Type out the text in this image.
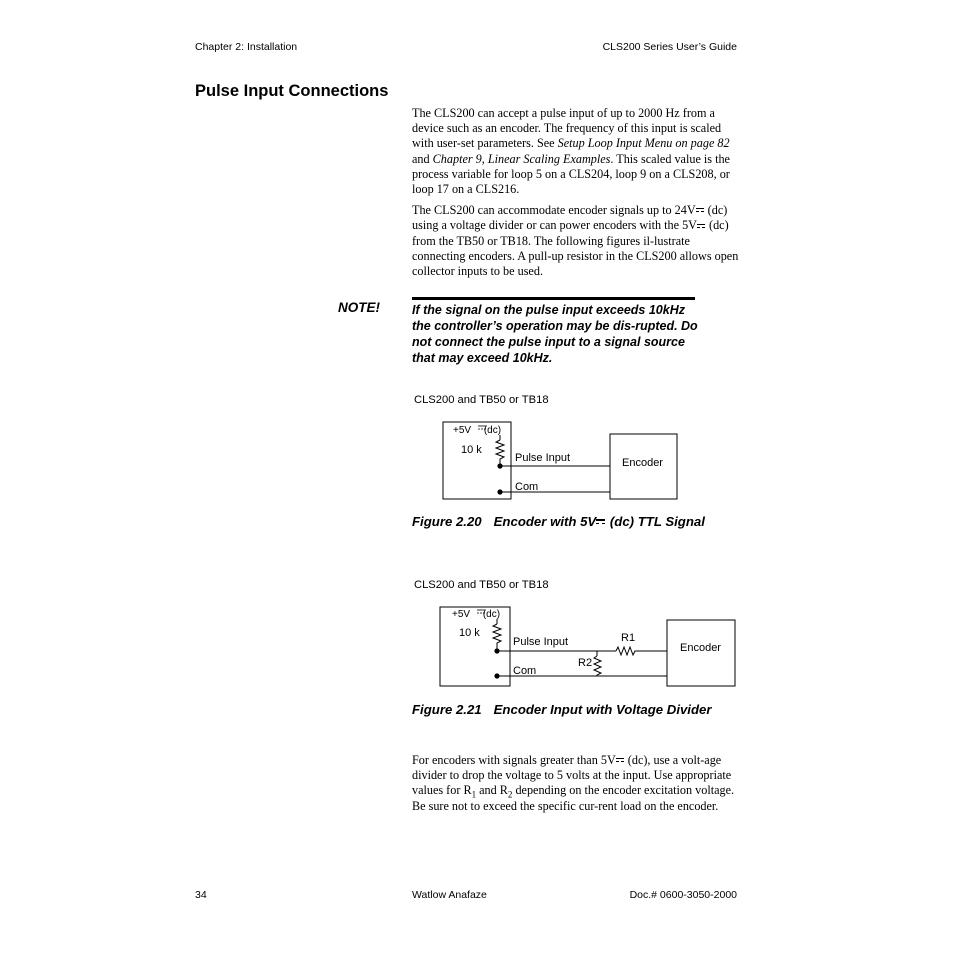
Chapter 2: Installation	CLS200 Series User’s Guide
Pulse Input Connections

The CLS200 can accept a pulse input of up to 2000 Hz from a device such as an encoder. The frequency of this input is scaled with user-set parameters. See Setup Loop Input Menu on page 82 and Chapter 9, Linear Scaling Examples. This scaled value is the process variable for loop 5 on a CLS204, loop 9 on a CLS208, or loop 17 on a CLS216.

The CLS200 can accommodate encoder signals up to 24V (dc) using a voltage divider or can power encoders with the 5V (dc) from the TB50 or TB18. The following figures il-lustrate connecting encoders. A pull-up resistor in the CLS200 allows open collector inputs to be used.

NOTE!	If the signal on the pulse input exceeds 10kHz the controller’s operation may be dis-rupted. Do not connect the pulse input to a signal source that may exceed 10kHz.
CLS200 and TB50 or TB18
+5V (dc)
10 k
Pulse Input
Com
Encoder
Figure 2.20 Encoder with 5V (dc) TTL Signal
CLS200 and TB50 or TB18
+5V (dc)
10 k
Pulse Input	R1
R2
Com
Encoder
Figure 2.21 Encoder Input with Voltage Divider

For encoders with signals greater than 5V (dc), use a volt-age divider to drop the voltage to 5 volts at the input. Use appropriate values for $R_1$ and $R_2$ depending on the encoder excitation voltage. Be sure not to exceed the specific cur-rent load on the encoder.

34	Watlow Anafaze	Doc.# 0600-3050-2000
